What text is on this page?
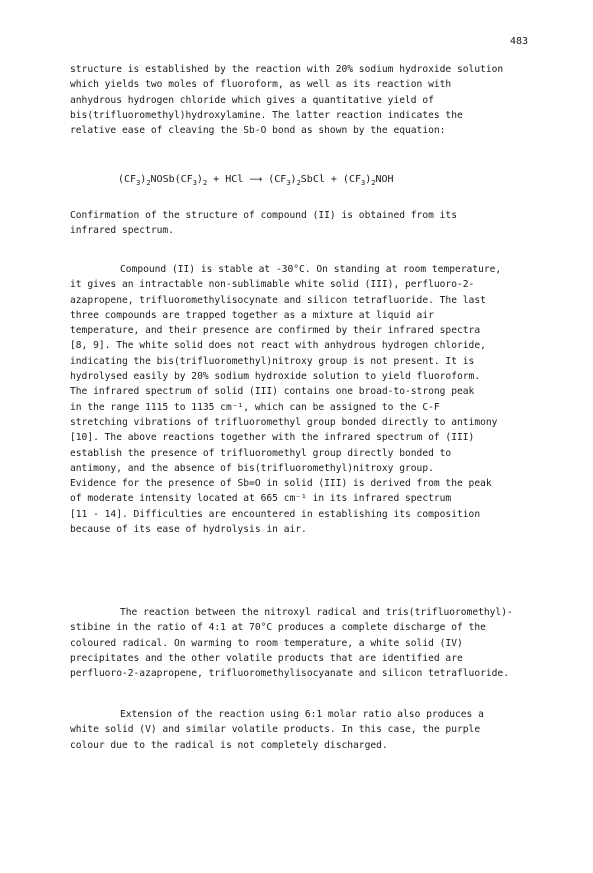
483
structure is established by the reaction with 20% sodium hydroxide solution
which yields two moles of fluoroform, as well as its reaction with
anhydrous hydrogen chloride which gives a quantitative yield of
bis(trifluoromethyl)hydroxylamine. The latter reaction indicates the
relative ease of cleaving the Sb-O bond as shown by the equation:
$(CF_3)_2NOSb(CF_3)_2$ + HCl ⟶ $(CF_3)_2SbCl + (CF_3)_2NOH$
Confirmation of the structure of compound (II) is obtained from its
infrared spectrum.
Compound (II) is stable at -30°C. On standing at room temperature,
it gives an intractable non-sublimable white solid (III), perfluoro-2-
azapropene, trifluoromethylisocynate and silicon tetrafluoride. The last
three compounds are trapped together as a mixture at liquid air
temperature, and their presence are confirmed by their infrared spectra
[8, 9]. The white solid does not react with anhydrous hydrogen chloride,
indicating the bis(trifluoromethyl)nitroxy group is not present. It is
hydrolysed easily by 20% sodium hydroxide solution to yield fluoroform.
The infrared spectrum of solid (III) contains one broad-to-strong peak
in the range 1115 to 1135 cm⁻¹, which can be assigned to the C-F
stretching vibrations of trifluoromethyl group bonded directly to antimony
[10]. The above reactions together with the infrared spectrum of (III)
establish the presence of trifluoromethyl group directly bonded to
antimony, and the absence of bis(trifluoromethyl)nitroxy group.
Evidence for the presence of Sb=O in solid (III) is derived from the peak
of moderate intensity located at 665 cm⁻¹ in its infrared spectrum
[11 - 14]. Difficulties are encountered in establishing its composition
because of its ease of hydrolysis in air.
The reaction between the nitroxyl radical and tris(trifluoromethyl)-
stibine in the ratio of 4:1 at 70°C produces a complete discharge of the
coloured radical. On warming to room temperature, a white solid (IV)
precipitates and the other volatile products that are identified are
perfluoro-2-azapropene, trifluoromethylisocyanate and silicon tetrafluoride.
Extension of the reaction using 6:1 molar ratio also produces a
white solid (V) and similar volatile products. In this case, the purple
colour due to the radical is not completely discharged.
